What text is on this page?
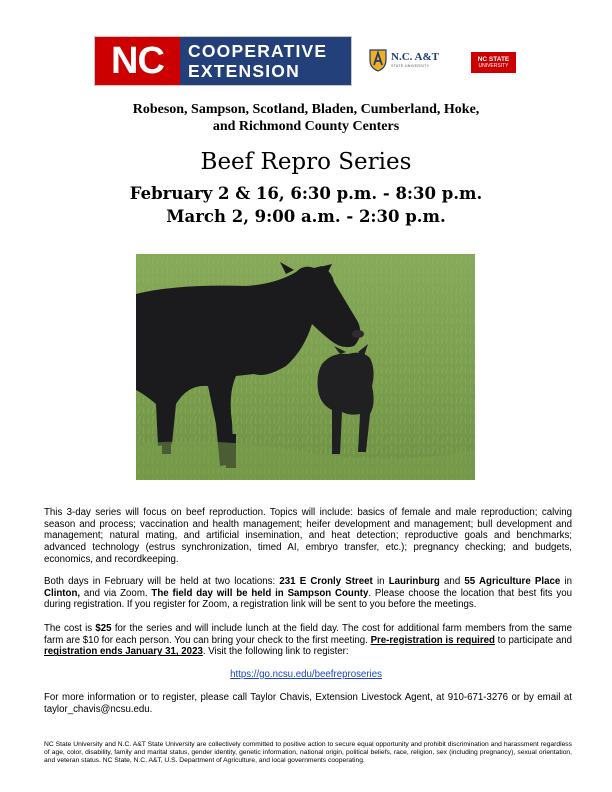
NC	COOPERATIVE
EXTENSION
N.C. A&T
STATE UNIVERSITY
NC STATE
UNIVERSITY
Robeson, Sampson, Scotland, Bladen, Cumberland, Hoke,
and Richmond County Centers
Beef Repro Series
February 2 & 16, 6:30 p.m. - 8:30 p.m.
March 2, 9:00 a.m. - 2:30 p.m.

This 3-day series will focus on beef reproduction. Topics will include: basics of female and male reproduction; calving season and process; vaccination and health management; heifer development and management; bull development and management; natural mating, and artificial insemination, and heat detection; reproductive goals and benchmarks; advanced technology (estrus synchronization, timed AI, embryo transfer, etc.); pregnancy checking; and budgets, economics, and recordkeeping.

Both days in February will be held at two locations: 231 E Cronly Street in Laurinburg and 55 Agriculture Place in Clinton, and via Zoom. The field day will be held in Sampson County. Please choose the location that best fits you during registration. If you register for Zoom, a registration link will be sent to you before the meetings.

The cost is $25 for the series and will include lunch at the field day. The cost for additional farm members from the same farm are $10 for each person. You can bring your check to the first meeting. Pre-registration is required to participate and registration ends January 31, 2023. Visit the following link to register:

https://go.ncsu.edu/beefreproseries

For more information or to register, please call Taylor Chavis, Extension Livestock Agent, at 910-671-3276 or by email at taylor_chavis@ncsu.edu.

NC State University and N.C. A&T State University are collectively committed to positive action to secure equal opportunity and prohibit discrimination and harassment regardless of age, color, disability, family and marital status, gender identity, genetic information, national origin, political beliefs, race, religion, sex (including pregnancy), sexual orientation, and veteran status. NC State, N.C. A&T, U.S. Department of Agriculture, and local governments cooperating.
